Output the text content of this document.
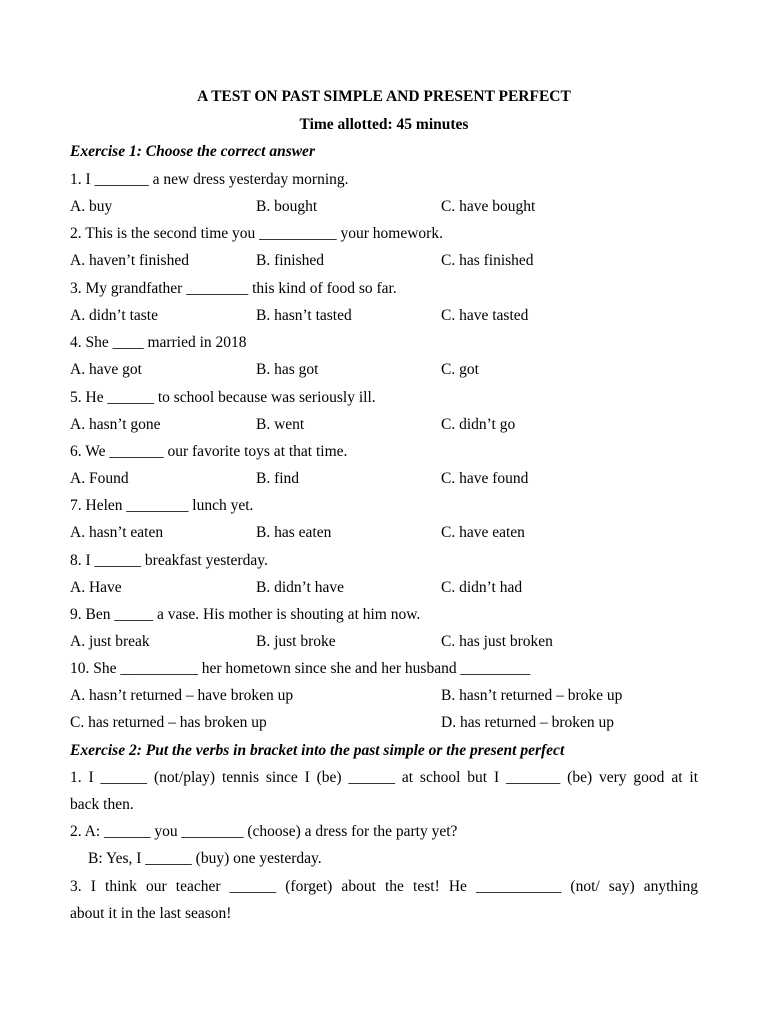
A TEST ON PAST SIMPLE AND PRESENT PERFECT
Time allotted: 45 minutes
Exercise 1: Choose the correct answer
1. I _______ a new dress yesterday morning.
A. buy	B. bought	C. have bought
2. This is the second time you __________ your homework.
A. haven’t finished	B. finished	C. has finished
3. My grandfather ________ this kind of food so far.
A. didn’t taste	B. hasn’t tasted	C. have tasted
4. She ____ married in 2018
A. have got	B. has got	C. got
5. He ______ to school because was seriously ill.
A. hasn’t gone	B. went	C. didn’t go
6. We _______ our favorite toys at that time.
A. Found	B. find	C. have found
7. Helen ________ lunch yet.
A. hasn’t eaten	B. has eaten	C. have eaten
8. I ______ breakfast yesterday.
A. Have	B. didn’t have	C. didn’t had
9. Ben _____ a vase. His mother is shouting at him now.
A. just break	B. just broke	C. has just broken
10. She __________ her hometown since she and her husband _________
A. hasn’t returned – have broken up	B. hasn’t returned – broke up
C. has returned – has broken up	D. has returned – broken up
Exercise 2: Put the verbs in bracket into the past simple or the present perfect
1. I ______ (not/play) tennis since I (be) ______ at school but I _______ (be) very good at it
back then.
2. A: ______ you ________ (choose) a dress for the party yet?
B: Yes, I ______ (buy) one yesterday.
3. I think our teacher ______ (forget) about the test! He ___________ (not/ say) anything
about it in the last season!
